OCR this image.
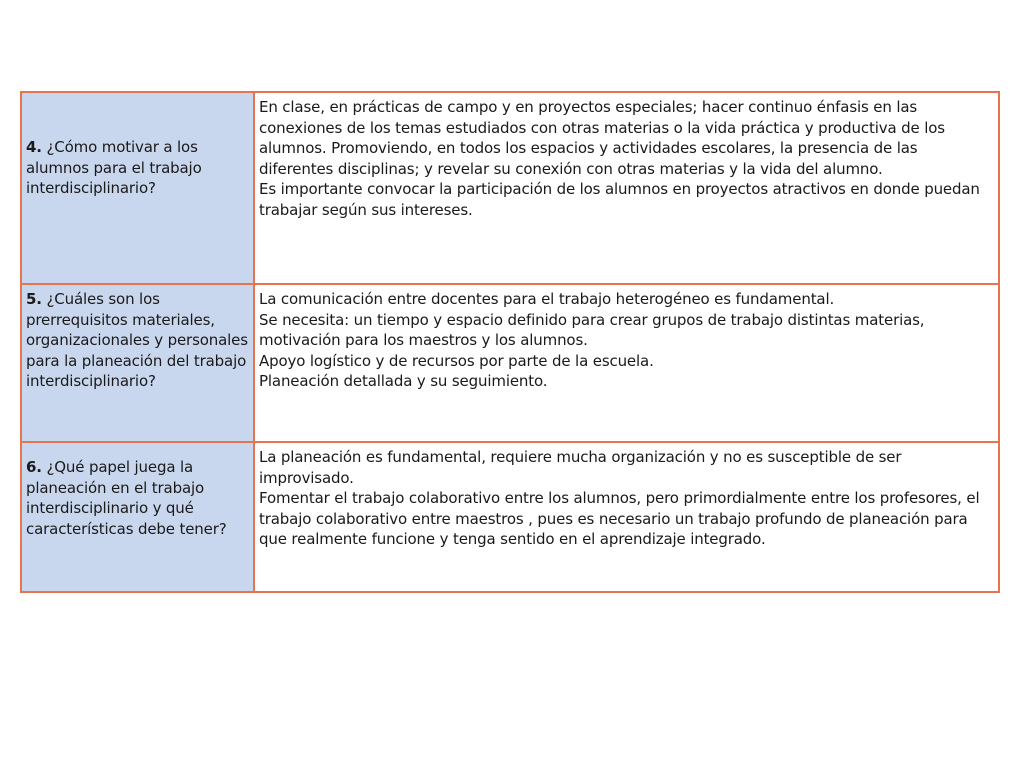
4. ¿Cómo motivar a los alumnos para el trabajo interdisciplinario?	En clase, en prácticas de campo y en proyectos especiales; hacer continuo énfasis en las conexiones de los temas estudiados con otras materias o la vida práctica y productiva de los alumnos. Promoviendo, en todos los espacios y actividades escolares, la presencia de las diferentes disciplinas; y revelar su conexión con otras materias y la vida del alumno.
Es importante convocar la participación de los alumnos en proyectos atractivos en donde puedan trabajar según sus intereses.

5. ¿Cuáles son los prerrequisitos materiales, organizacionales y personales para la planeación del trabajo interdisciplinario?	La comunicación entre docentes para el trabajo heterogéneo es fundamental.
Se necesita: un tiempo y espacio definido para crear grupos de trabajo distintas materias, motivación para los maestros y los alumnos.
Apoyo logístico y de recursos por parte de la escuela.
Planeación detallada y su seguimiento.

6. ¿Qué papel juega la planeación en el trabajo interdisciplinario y qué características debe tener?	La planeación es fundamental, requiere mucha organización y no es susceptible de ser improvisado.
Fomentar el trabajo colaborativo entre los alumnos, pero primordialmente entre los profesores, el trabajo colaborativo entre maestros , pues es necesario un trabajo profundo de planeación para que realmente funcione y tenga sentido en el aprendizaje integrado.
